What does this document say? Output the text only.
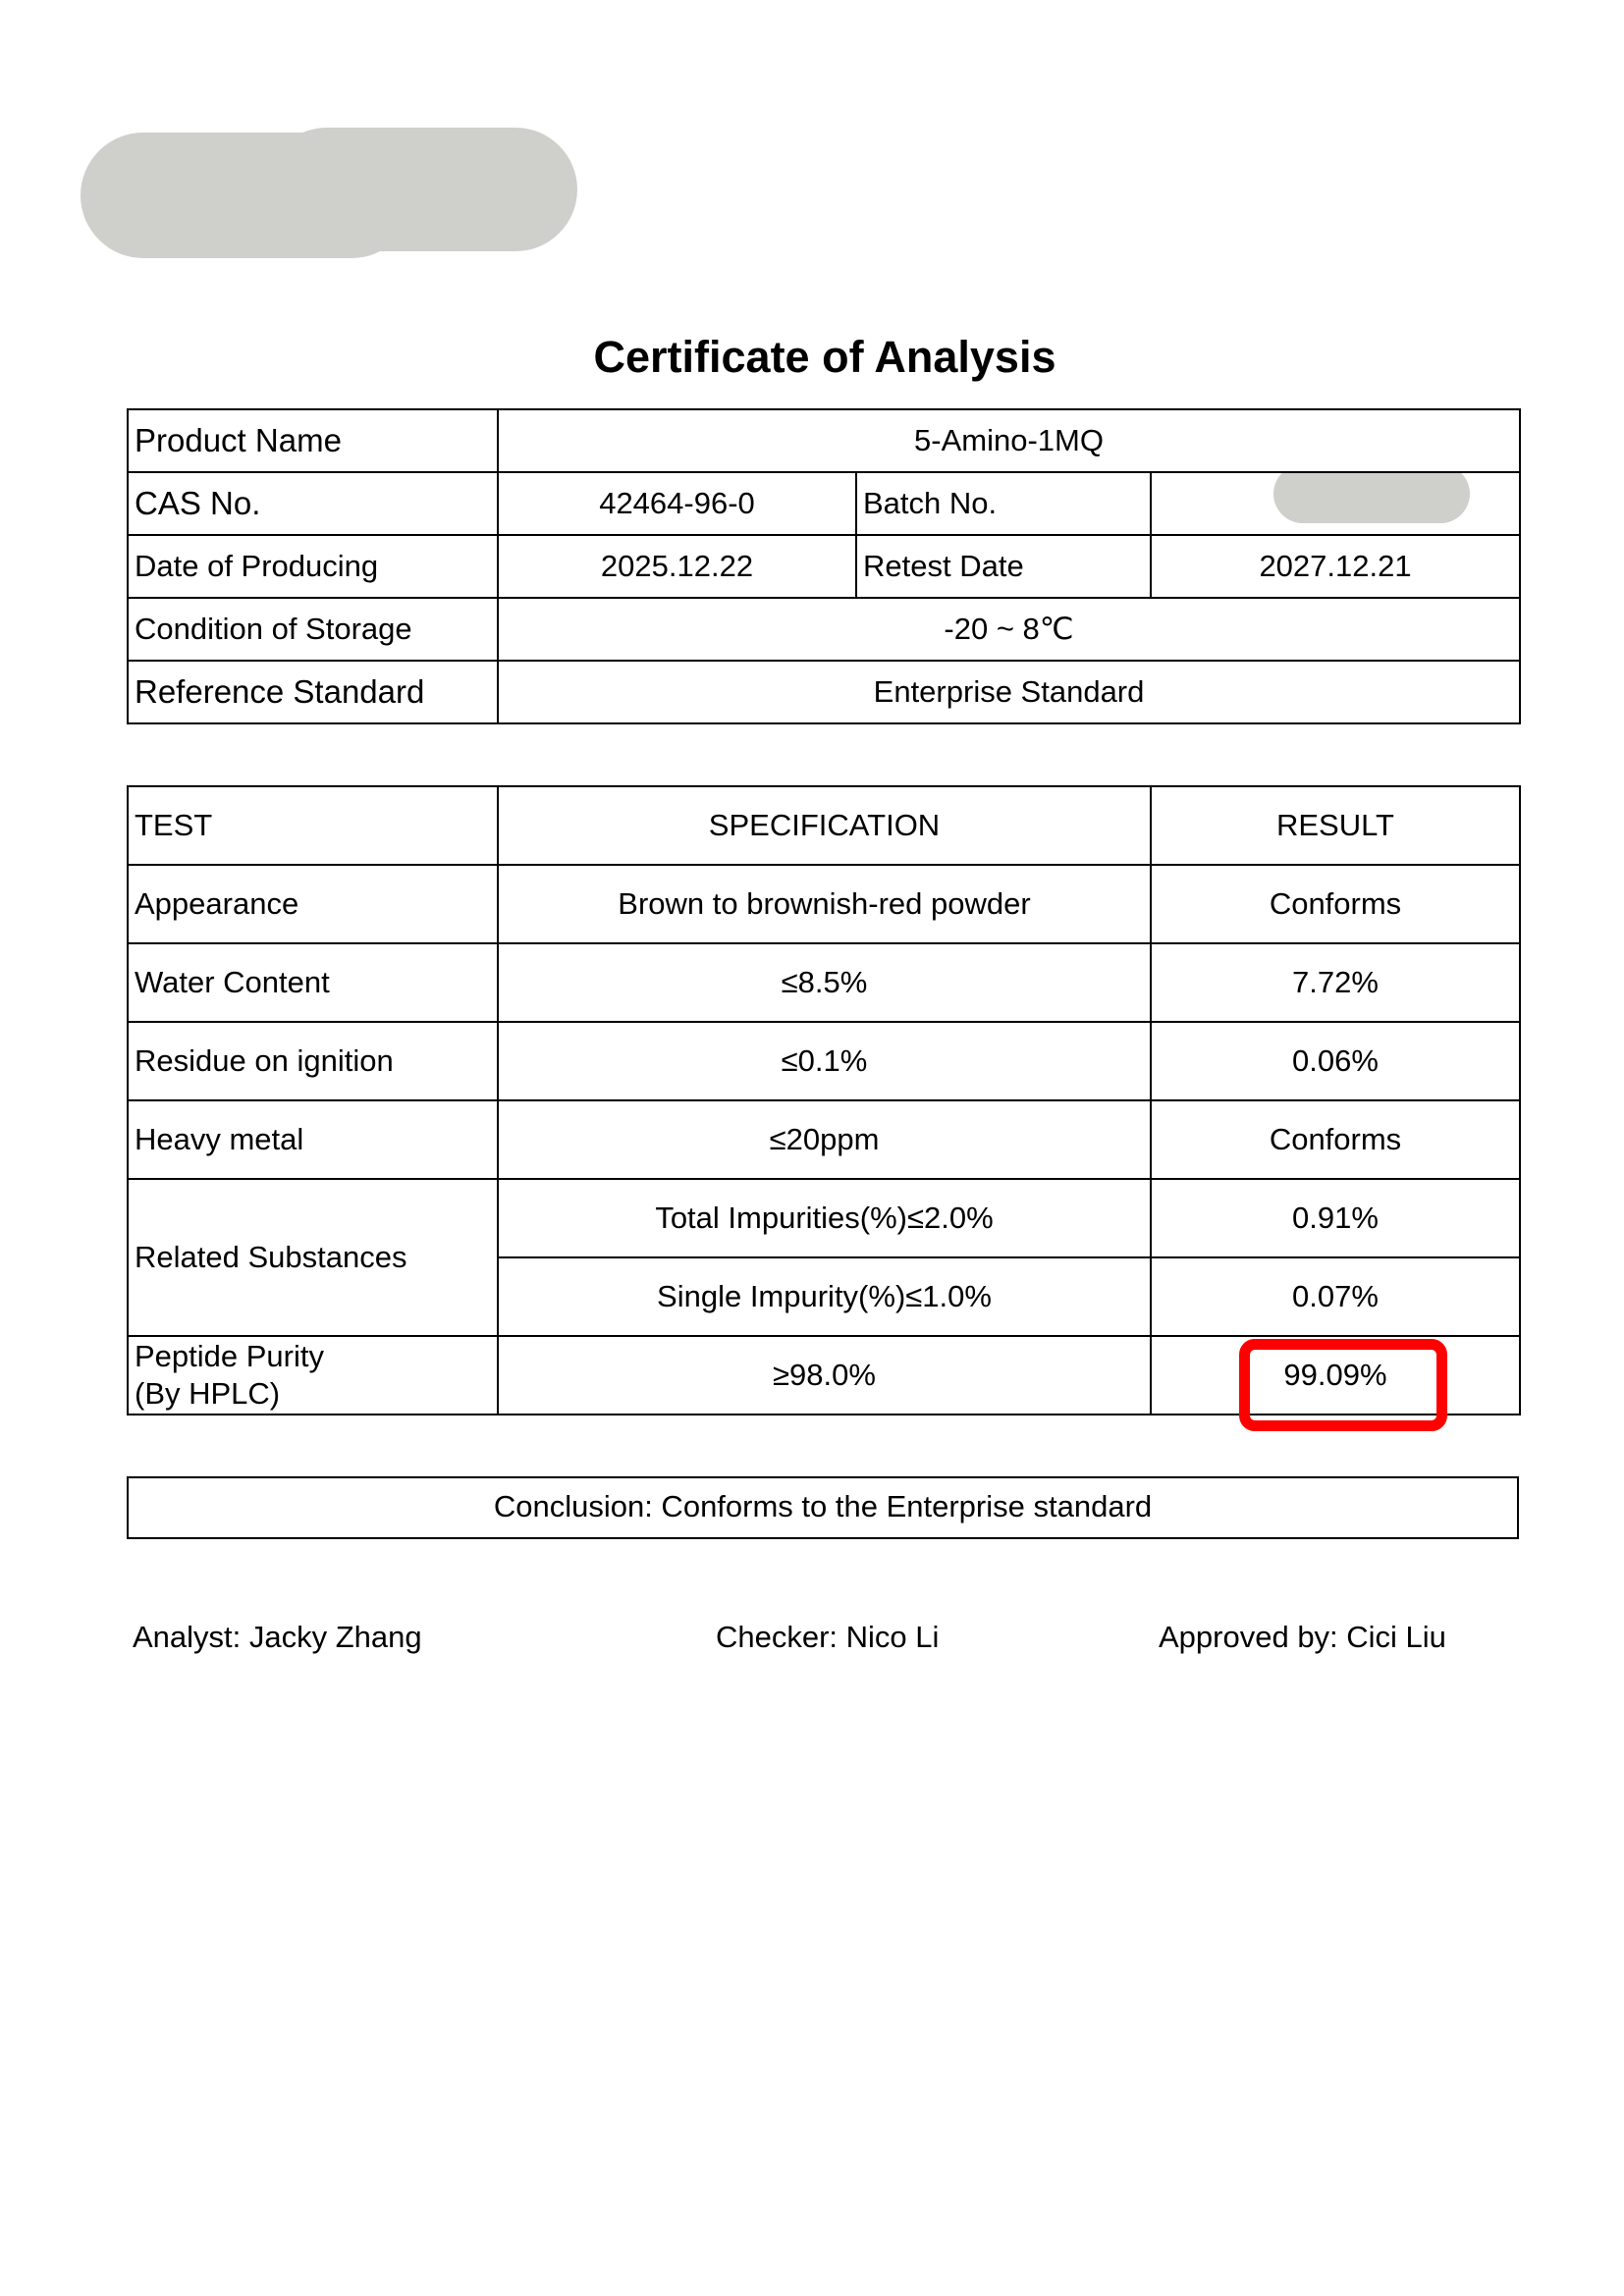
Certificate of Analysis
Product Name	5-Amino-1MQ		
CAS No.	42464-96-0	Batch No.	

Date of Producing	2025.12.22	Retest Date	2027.12.21
Condition of Storage	-20 ~ 8℃		
Reference Standard	Enterprise Standard		
TEST	SPECIFICATION	RESULT
Appearance	Brown to brownish-red powder	Conforms
Water Content	≤8.5%	7.72%
Residue on ignition	≤0.1%	0.06%
Heavy metal	≤20ppm	Conforms
Related Substances	Total Impurities(%)≤2.0%	0.91%
	Single Impurity(%)≤1.0%	0.07%
Peptide Purity
(By HPLC)	≥98.0%	99.09%
Conclusion: Conforms to the Enterprise standard
Analyst: Jacky Zhang	Checker: Nico Li	Approved by: Cici Liu
